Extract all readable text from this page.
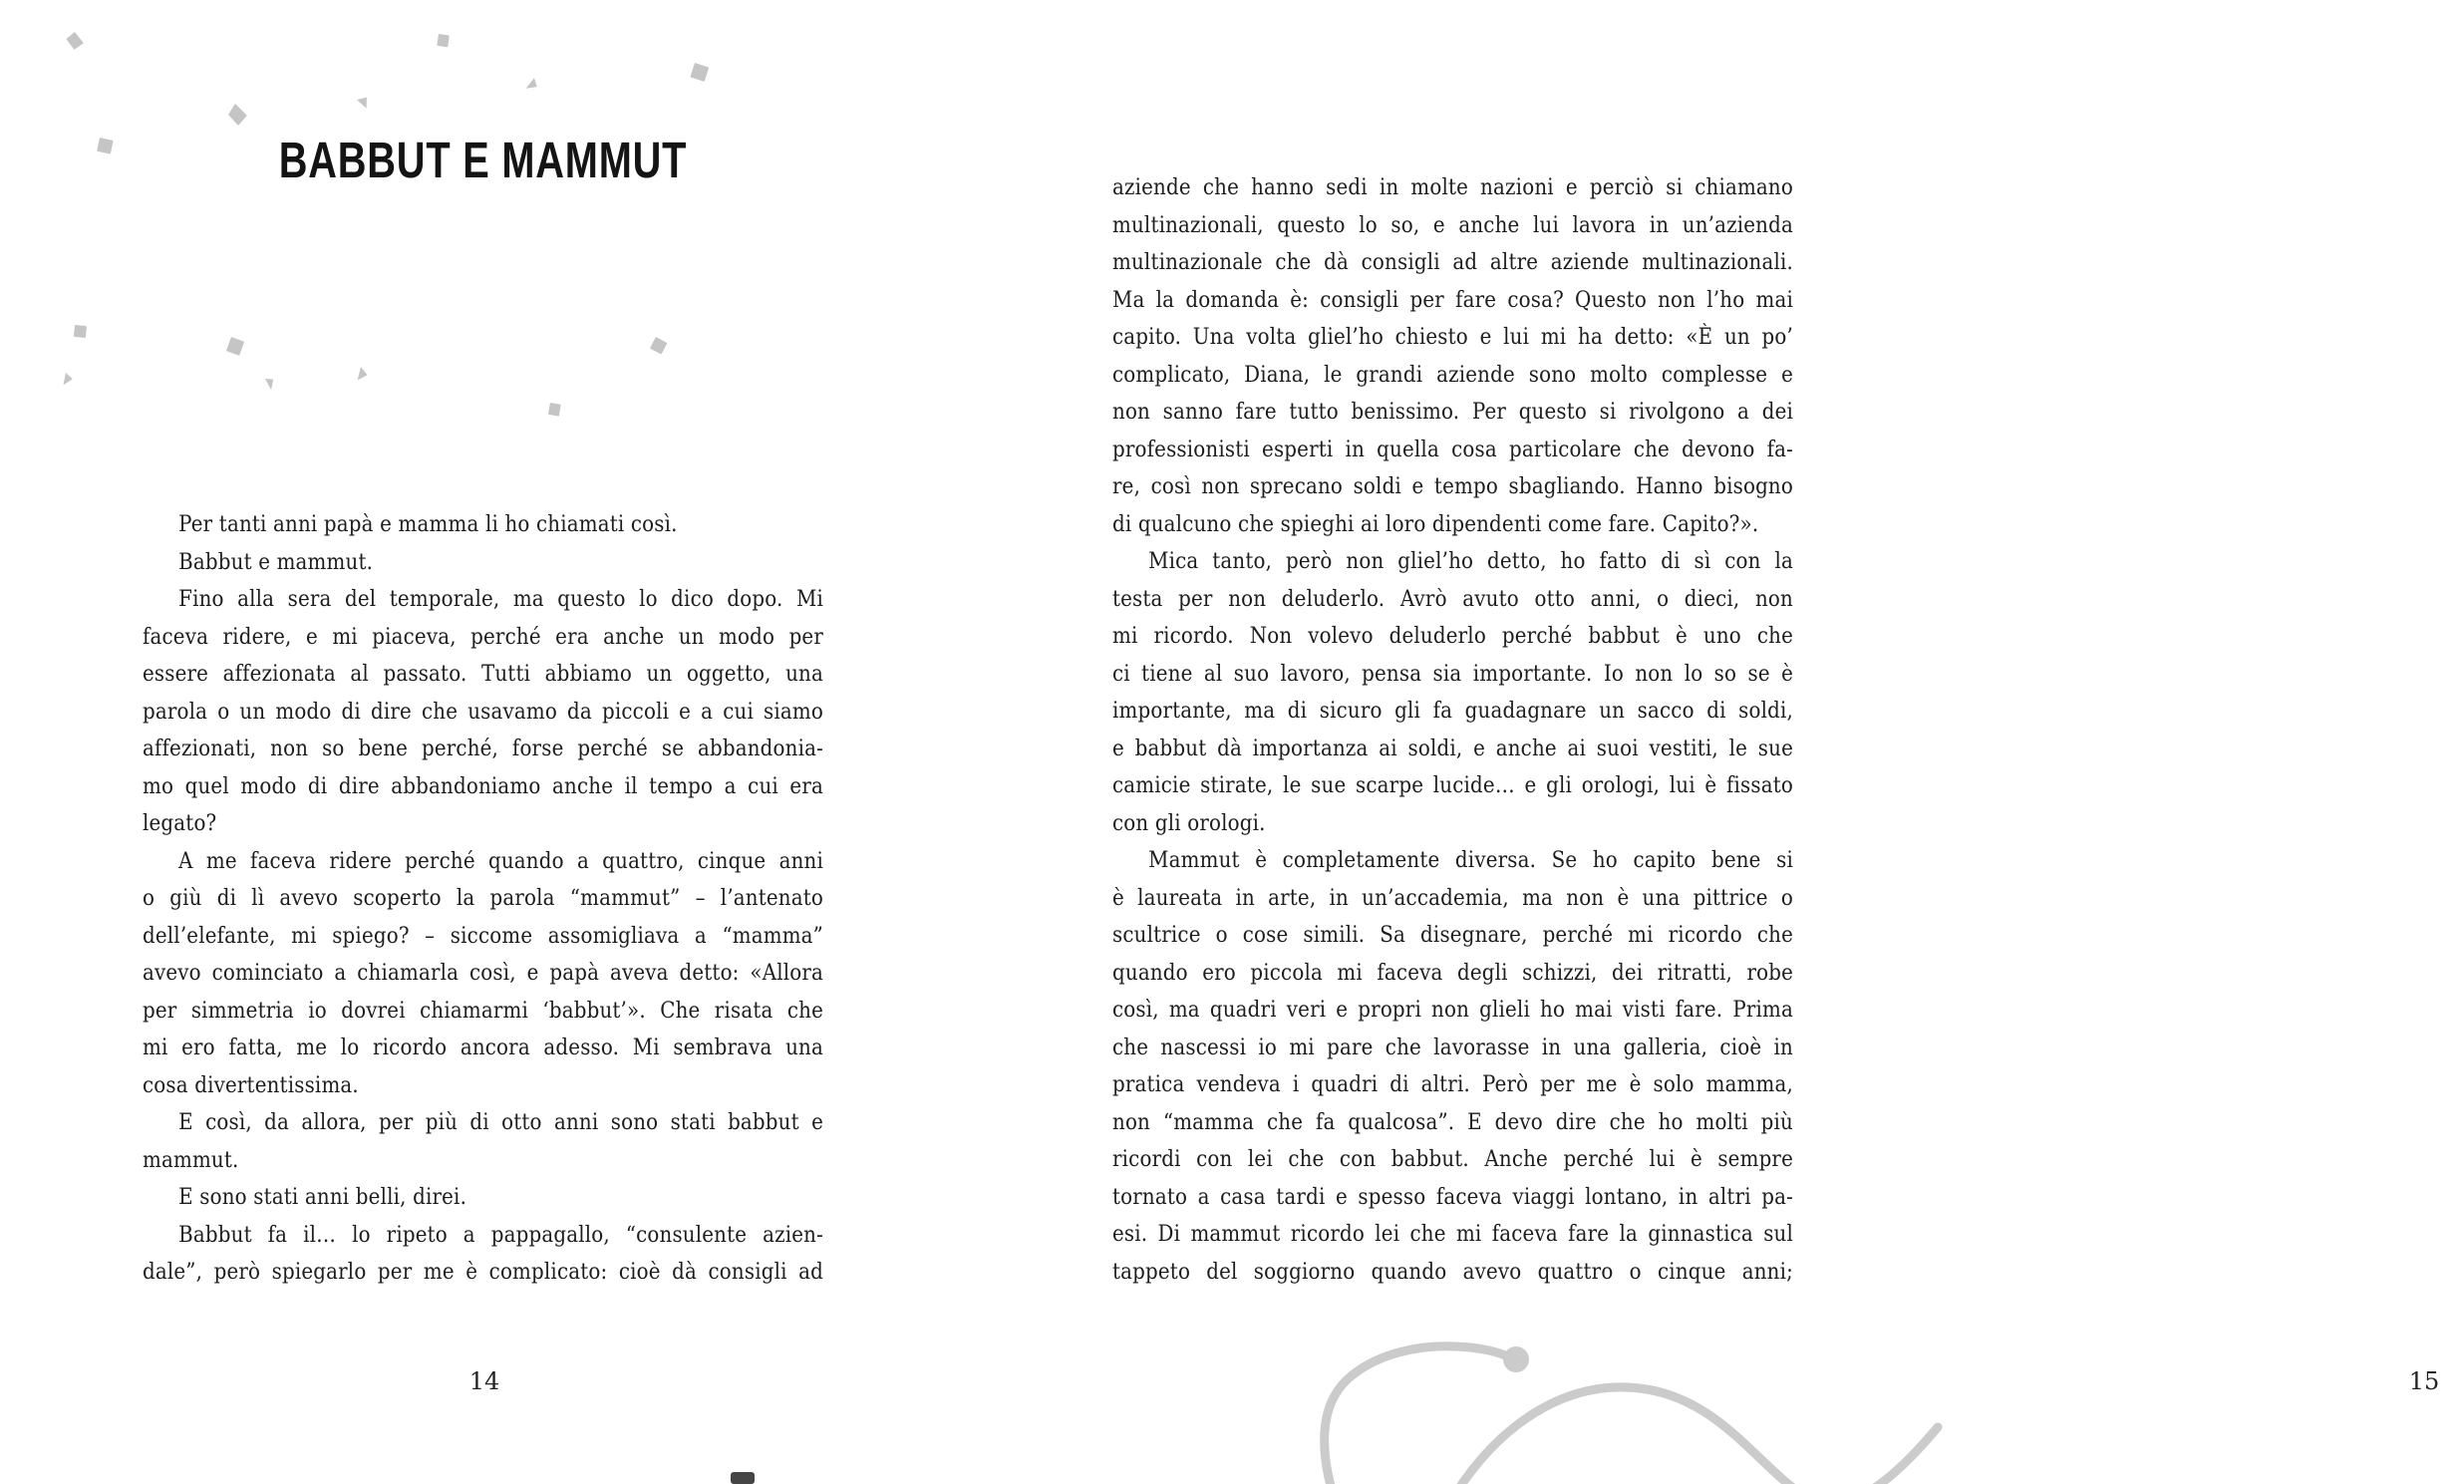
BABBUT E MAMMUT
Per tanti anni papà e mamma li ho chiamati così.
Babbut e mammut.
Fino alla sera del temporale, ma questo lo dico dopo. Mi
faceva ridere, e mi piaceva, perché era anche un modo per
essere affezionata al passato. Tutti abbiamo un oggetto, una
parola o un modo di dire che usavamo da piccoli e a cui siamo
affezionati, non so bene perché, forse perché se abbandonia-
mo quel modo di dire abbandoniamo anche il tempo a cui era
legato?
A me faceva ridere perché quando a quattro, cinque anni
o giù di lì avevo scoperto la parola “mammut” – l’antenato
dell’elefante, mi spiego? – siccome assomigliava a “mamma”
avevo cominciato a chiamarla così, e papà aveva detto: «Allora
per simmetria io dovrei chiamarmi ‘babbut’». Che risata che
mi ero fatta, me lo ricordo ancora adesso. Mi sembrava una
cosa divertentissima.
E così, da allora, per più di otto anni sono stati babbut e
mammut.
E sono stati anni belli, direi.
Babbut fa il… lo ripeto a pappagallo, “consulente azien-
dale”, però spiegarlo per me è complicato: cioè dà consigli ad
14
aziende che hanno sedi in molte nazioni e perciò si chiamano
multinazionali, questo lo so, e anche lui lavora in un’azienda
multinazionale che dà consigli ad altre aziende multinazionali.
Ma la domanda è: consigli per fare cosa? Questo non l’ho mai
capito. Una volta gliel’ho chiesto e lui mi ha detto: «È un po’
complicato, Diana, le grandi aziende sono molto complesse e
non sanno fare tutto benissimo. Per questo si rivolgono a dei
professionisti esperti in quella cosa particolare che devono fa-
re, così non sprecano soldi e tempo sbagliando. Hanno bisogno
di qualcuno che spieghi ai loro dipendenti come fare. Capito?».
Mica tanto, però non gliel’ho detto, ho fatto di sì con la
testa per non deluderlo. Avrò avuto otto anni, o dieci, non
mi ricordo. Non volevo deluderlo perché babbut è uno che
ci tiene al suo lavoro, pensa sia importante. Io non lo so se è
importante, ma di sicuro gli fa guadagnare un sacco di soldi,
e babbut dà importanza ai soldi, e anche ai suoi vestiti, le sue
camicie stirate, le sue scarpe lucide… e gli orologi, lui è fissato
con gli orologi.
Mammut è completamente diversa. Se ho capito bene si
è laureata in arte, in un’accademia, ma non è una pittrice o
scultrice o cose simili. Sa disegnare, perché mi ricordo che
quando ero piccola mi faceva degli schizzi, dei ritratti, robe
così, ma quadri veri e propri non glieli ho mai visti fare. Prima
che nascessi io mi pare che lavorasse in una galleria, cioè in
pratica vendeva i quadri di altri. Però per me è solo mamma,
non “mamma che fa qualcosa”. E devo dire che ho molti più
ricordi con lei che con babbut. Anche perché lui è sempre
tornato a casa tardi e spesso faceva viaggi lontano, in altri pa-
esi. Di mammut ricordo lei che mi faceva fare la ginnastica sul
tappeto del soggiorno quando avevo quattro o cinque anni;
15
